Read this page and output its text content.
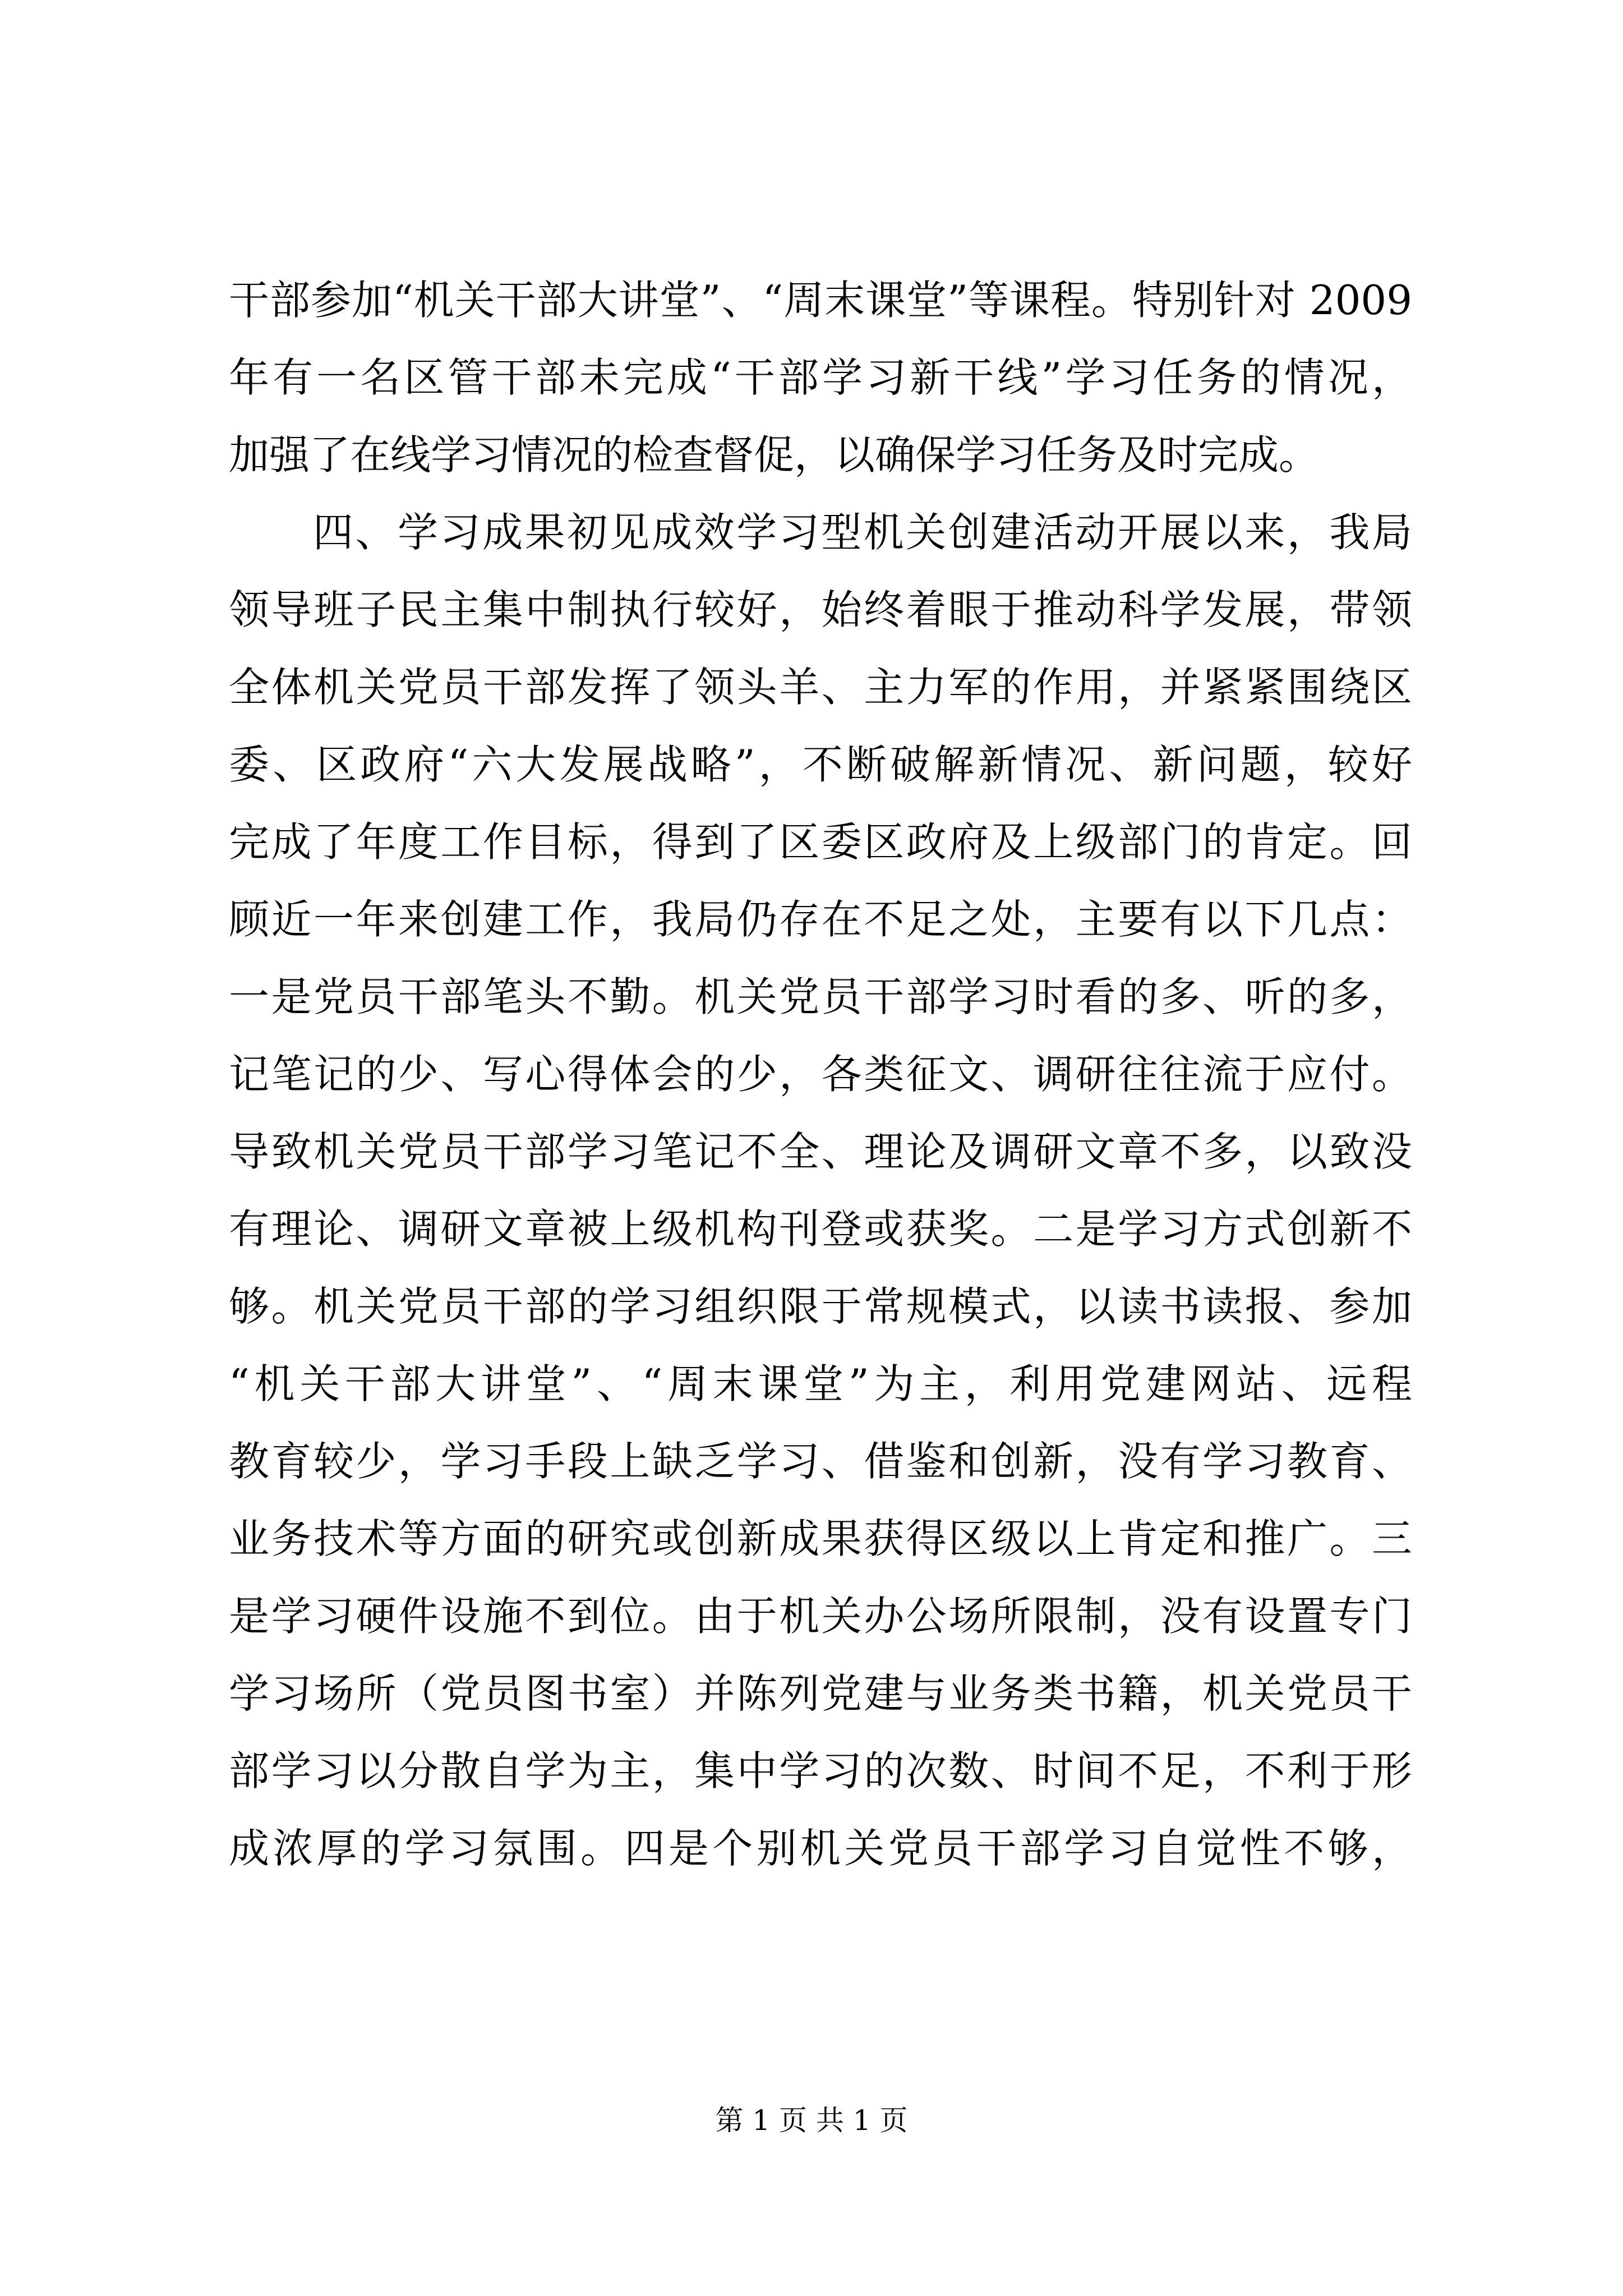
干部参加“机关干部大讲堂”、“周末课堂”等课程。特别针对 2009
年有一名区管干部未完成“干部学习新干线”学习任务的情况，
加强了在线学习情况的检查督促，以确保学习任务及时完成。
四、学习成果初见成效学习型机关创建活动开展以来，我局
领导班子民主集中制执行较好，始终着眼于推动科学发展，带领
全体机关党员干部发挥了领头羊、主力军的作用，并紧紧围绕区
委、区政府“六大发展战略”，不断破解新情况、新问题，较好
完成了年度工作目标，得到了区委区政府及上级部门的肯定。回
顾近一年来创建工作，我局仍存在不足之处，主要有以下几点：
一是党员干部笔头不勤。机关党员干部学习时看的多、听的多，
记笔记的少、写心得体会的少，各类征文、调研往往流于应付。
导致机关党员干部学习笔记不全、理论及调研文章不多，以致没
有理论、调研文章被上级机构刊登或获奖。二是学习方式创新不
够。机关党员干部的学习组织限于常规模式，以读书读报、参加
“机关干部大讲堂”、“周末课堂”为主，利用党建网站、远程
教育较少，学习手段上缺乏学习、借鉴和创新，没有学习教育、
业务技术等方面的研究或创新成果获得区级以上肯定和推广。三
是学习硬件设施不到位。由于机关办公场所限制，没有设置专门
学习场所（党员图书室）并陈列党建与业务类书籍，机关党员干
部学习以分散自学为主，集中学习的次数、时间不足，不利于形
成浓厚的学习氛围。四是个别机关党员干部学习自觉性不够，
第 1 页 共 1 页
